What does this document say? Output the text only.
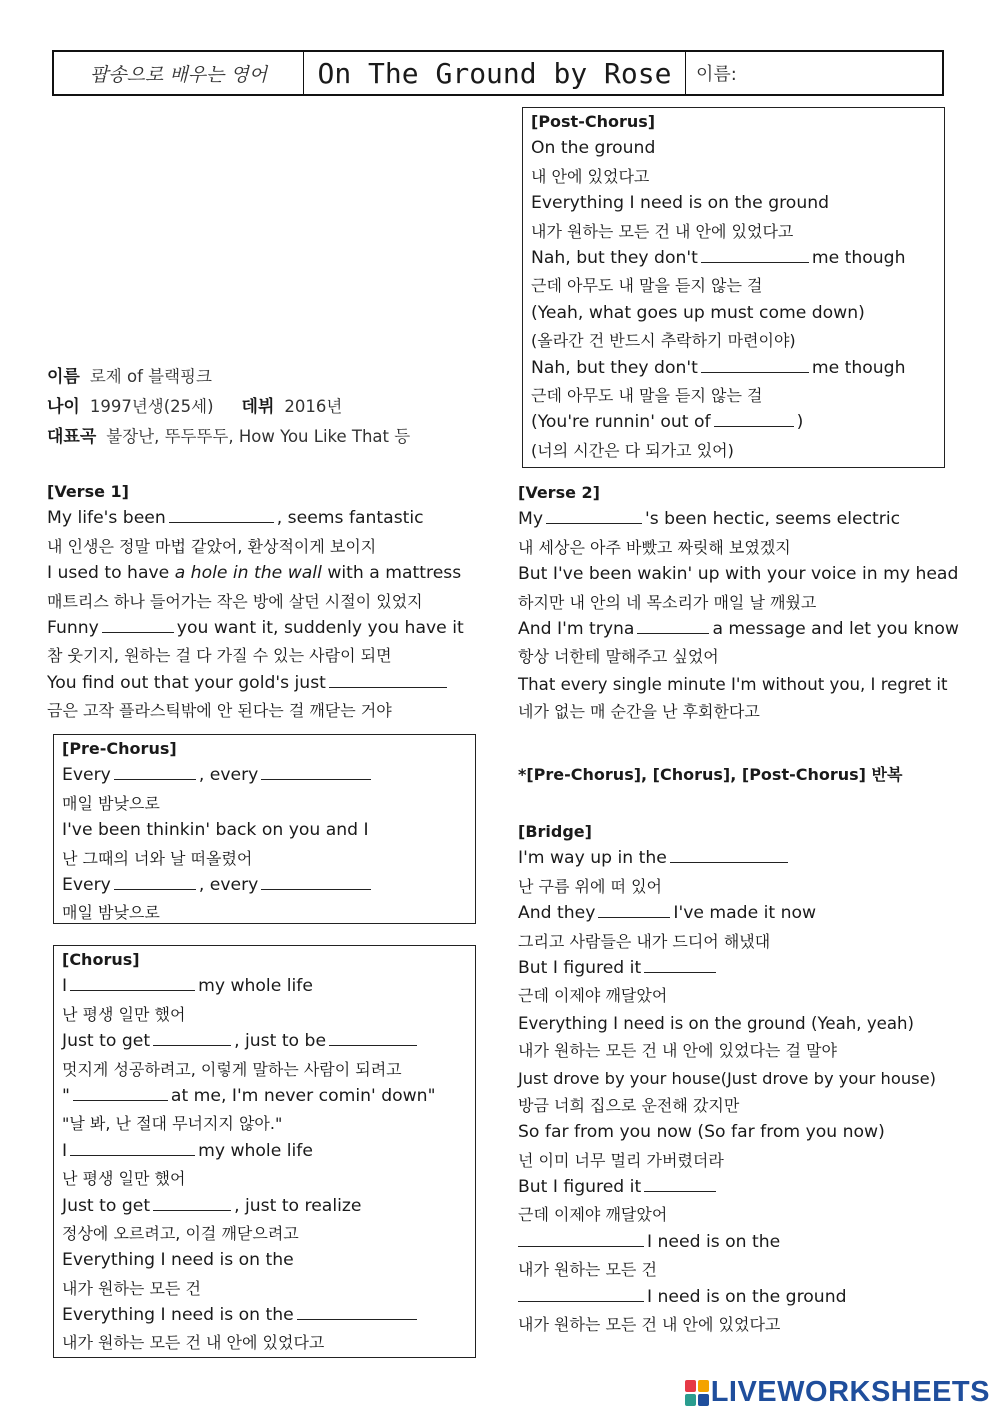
팝송으로 배우는 영어	On The Ground by Rose	이름:
이름 로제 of 블랙핑크
나이 1997년생(25세) 데뷔 2016년
대표곡 불장난, 뚜두뚜두, How You Like That 등
[Verse 1]
My life's been	, seems fantastic
내 인생은 정말 마법 같았어, 환상적이게 보이지
I used to have a hole in the wall with a mattress
매트리스 하나 들어가는 작은 방에 살던 시절이 있었지
Funny	you want it, suddenly you have it
참 웃기지, 원하는 걸 다 가질 수 있는 사람이 되면
You find out that your gold's just
금은 고작 플라스틱밖에 안 된다는 걸 깨닫는 거야
[Pre-Chorus]
Every	, every
매일 밤낮으로
I've been thinkin' back on you and I
난 그때의 너와 날 떠올렸어
Every	, every
매일 밤낮으로
[Chorus]
I	my whole life
난 평생 일만 했어
Just to get	, just to be
멋지게 성공하려고, 이렇게 말하는 사람이 되려고
"	at me, I'm never comin' down"
"날 봐, 난 절대 무너지지 않아."
I	my whole life
난 평생 일만 했어
Just to get	, just to realize
정상에 오르려고, 이걸 깨닫으려고
Everything I need is on the
내가 원하는 모든 건
Everything I need is on the
내가 원하는 모든 건 내 안에 있었다고
[Post-Chorus]
On the ground
내 안에 있었다고
Everything I need is on the ground
내가 원하는 모든 건 내 안에 있었다고
Nah, but they don't	me though
근데 아무도 내 말을 듣지 않는 걸
(Yeah, what goes up must come down)
(올라간 건 반드시 추락하기 마련이야)
Nah, but they don't	me though
근데 아무도 내 말을 듣지 않는 걸
(You're runnin' out of	)
(너의 시간은 다 되가고 있어)
[Verse 2]
My	's been hectic, seems electric
내 세상은 아주 바빴고 짜릿해 보였겠지
But I've been wakin' up with your voice in my head
하지만 내 안의 네 목소리가 매일 날 깨웠고
And I'm tryna	a message and let you know
항상 너한테 말해주고 싶었어
That every single minute I'm without you, I regret it
네가 없는 매 순간을 난 후회한다고
*[Pre-Chorus], [Chorus], [Post-Chorus] 반복
[Bridge]
I'm way up in the
난 구름 위에 떠 있어
And they	I've made it now
그리고 사람들은 내가 드디어 해냈대
But I figured it
근데 이제야 깨달았어
Everything I need is on the ground (Yeah, yeah)
내가 원하는 모든 건 내 안에 있었다는 걸 말야
Just drove by your house(Just drove by your house)
방금 너희 집으로 운전해 갔지만
So far from you now (So far from you now)
넌 이미 너무 멀리 가버렸더라
But I figured it
근데 이제야 깨달았어
I need is on the
내가 원하는 모든 건
I need is on the ground
내가 원하는 모든 건 내 안에 있었다고
LIVEWORKSHEETS
